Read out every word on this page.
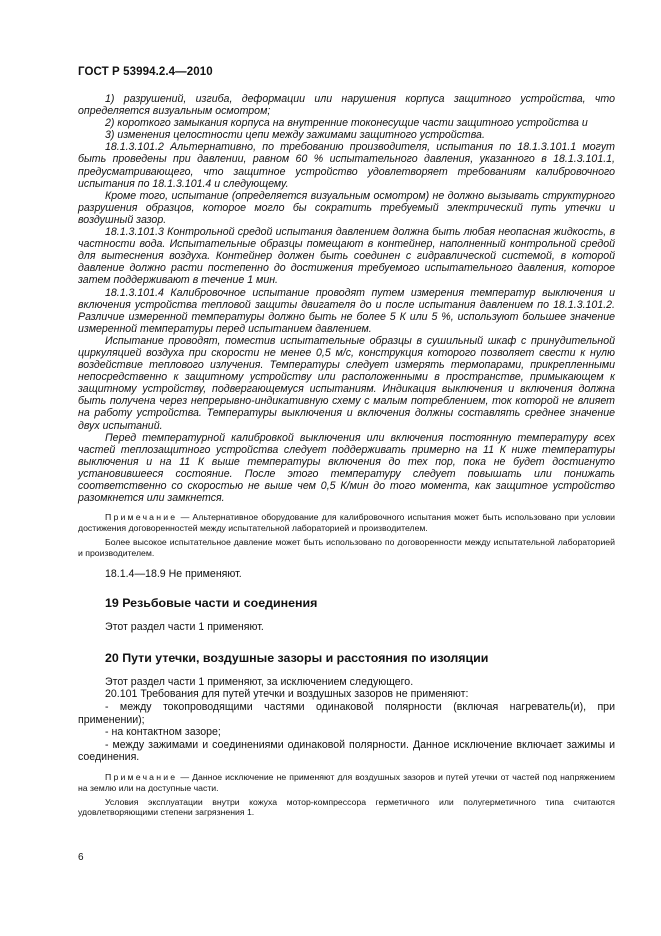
ГОСТ Р 53994.2.4—2010

1) разрушений, изгиба, деформации или нарушения корпуса защитного устройства, что определяется визуальным осмотром;

2) короткого замыкания корпуса на внутренние токонесущие части защитного устройства и

3) изменения целостности цепи между зажимами защитного устройства.

18.1.3.101.2 Альтернативно, по требованию производителя, испытания по 18.1.3.101.1 могут быть проведены при давлении, равном 60 % испытательного давления, указанного в 18.1.3.101.1, предусматривающего, что защитное устройство удовлетворяет требованиям калибровочного испытания по 18.1.3.101.4 и следующему.

Кроме того, испытание (определяется визуальным осмотром) не должно вызывать структурного разрушения образцов, которое могло бы сократить требуемый электрический путь утечки и воздушный зазор.

18.1.3.101.3 Контрольной средой испытания давлением должна быть любая неопасная жидкость, в частности вода. Испытательные образцы помещают в контейнер, наполненный контрольной средой для вытеснения воздуха. Контейнер должен быть соединен с гидравлической системой, в которой давление должно расти постепенно до достижения требуемого испытательного давления, которое затем поддерживают в течение 1 мин.

18.1.3.101.4 Калибровочное испытание проводят путем измерения температур выключения и включения устройства тепловой защиты двигателя до и после испытания давлением по 18.1.3.101.2. Различие измеренной температуры должно быть не более 5 К или 5 %, используют большее значение измеренной температуры перед испытанием давлением.

Испытание проводят, поместив испытательные образцы в сушильный шкаф с принудительной циркуляцией воздуха при скорости не менее 0,5 м/с, конструкция которого позволяет свести к нулю воздействие теплового излучения. Температуры следует измерять термопарами, прикрепленными непосредственно к защитному устройству или расположенными в пространстве, примыкающем к защитному устройству, подвергающемуся испытаниям. Индикация выключения и включения должна быть получена через непрерывно-индикативную схему с малым потреблением, ток которой не влияет на работу устройства. Температуры выключения и включения должны составлять среднее значение двух испытаний.

Перед температурной калибровкой выключения или включения постоянную температуру всех частей теплозащитного устройства следует поддерживать примерно на 11 К ниже температуры выключения и на 11 К выше температуры включения до тех пор, пока не будет достигнуто установившееся состояние. После этого температуру следует повышать или понижать соответственно со скоростью не выше чем 0,5 К/мин до того момента, как защитное устройство разомкнется или замкнется.

Примечание — Альтернативное оборудование для калибровочного испытания может быть использовано при условии достижения договоренностей между испытательной лабораторией и производителем.

Более высокое испытательное давление может быть использовано по договоренности между испытательной лабораторией и производителем.

18.1.4—18.9 Не применяют.

19 Резьбовые части и соединения

Этот раздел части 1 применяют.

20 Пути утечки, воздушные зазоры и расстояния по изоляции

Этот раздел части 1 применяют, за исключением следующего.

20.101 Требования для путей утечки и воздушных зазоров не применяют:

- между токопроводящими частями одинаковой полярности (включая нагреватель(и), при применении);

- на контактном зазоре;

- между зажимами и соединениями одинаковой полярности. Данное исключение включает зажимы и соединения.

Примечание — Данное исключение не применяют для воздушных зазоров и путей утечки от частей под напряжением на землю или на доступные части.

Условия эксплуатации внутри кожуха мотор-компрессора герметичного или полугерметичного типа считаются удовлетворяющими степени загрязнения 1.

6
